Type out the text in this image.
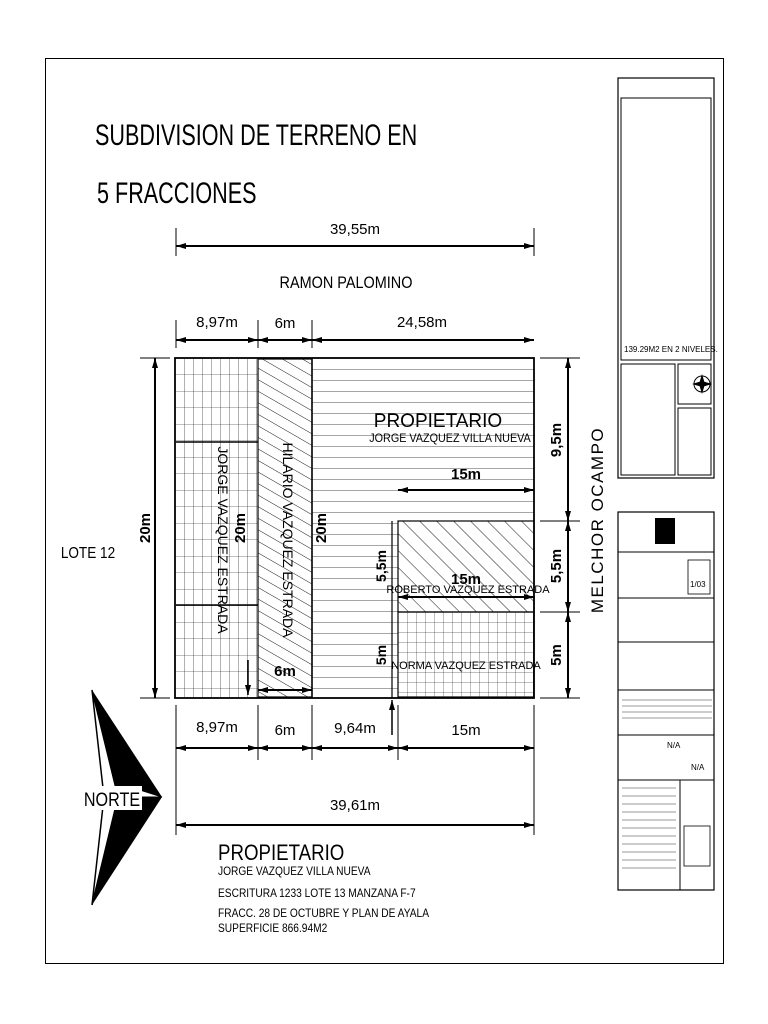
SUBDIVISION DE TERRENO EN
5 FRACCIONES
39,55m
RAMON PALOMINO
8,97m 6m	24,58m
JORGE VAZQUEZ ESTRADA	HILARIO VAZQUEZ ESTRADA
PROPIETARIO
JORGE VAZQUEZ VILLA NUEVA
ROBERTO VAZQUEZ ESTRADA
NORMA VAZQUEZ ESTRADA
20m	20m
15m
15m
5,5m
5m
6m
20m
LOTE 12
9,5m
5,5m
5m
MELCHOR OCAMPO
8,97m 6m	9,64m	15m
39,61m
NORTE
PROPIETARIO
JORGE VAZQUEZ VILLA NUEVA
ESCRITURA 1233 LOTE 13 MANZANA F-7
FRACC. 28 DE OCTUBRE Y PLAN DE AYALA
SUPERFICIE 866.94M2
139.29M2 EN 2 NIVELES.
1/03
N/A
N/A
